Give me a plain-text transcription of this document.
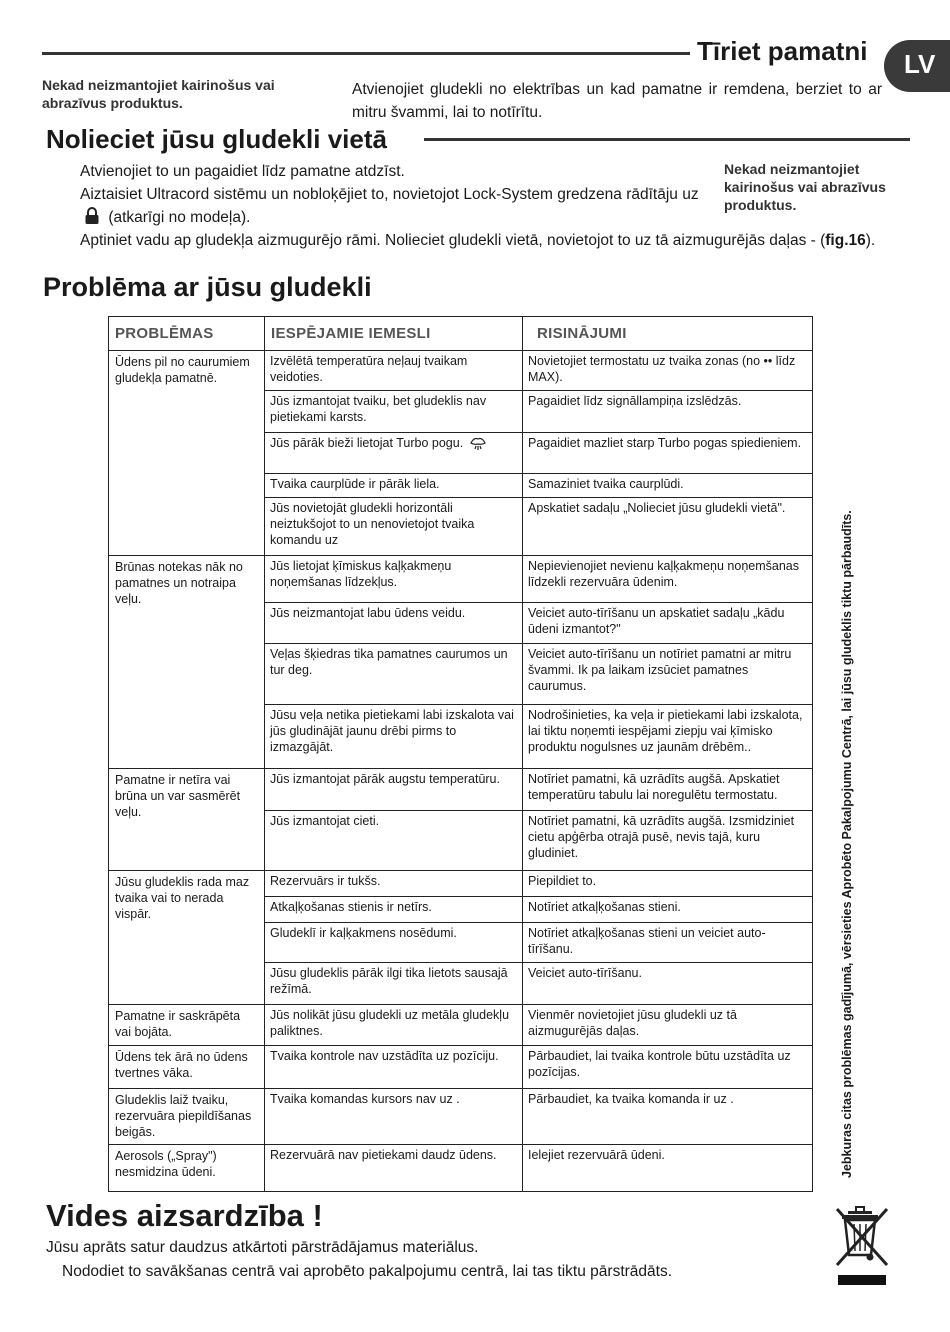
Tīriet pamatni LV
Nekad neizmantojiet kairinošus vai abrazīvus produktus.
Atvienojiet gludekli no elektrības un kad pamatne ir remdena, berziet to ar mitru švammi, lai to notīrītu.
Nolieciet jūsu gludekli vietā
Atvienojiet to un pagaidiet līdz pamatne atdzīst.
Aiztaisiet Ultracord sistēmu un nobloķējiet to, novietojot Lock-System gredzena rādītāju uz  (atkarīgi no modeļa).
Nekad neizmantojiet kairinošus vai abrazīvus produktus.
Aptiniet vadu ap gludekļa aizmugurējo rāmi. Nolieciet gludekli vietā, novietojot to uz tā aizmugurējās daļas - (fig.16).
Problēma ar jūsu gludekli
PROBLĒMAS	IESPĒJAMIE IEMESLI	RISINĀJUMI
Ūdens pil no caurumiem gludekļa pamatnē.	Izvēlētā temperatūra neļauj tvaikam veidoties.	Novietojiet termostatu uz tvaika zonas (no •• līdz MAX).
	Jūs izmantojat tvaiku, bet gludeklis nav pietiekami karsts.	Pagaidiet līdz signāllampiņa izslēdzās.
	Jūs pārāk bieži lietojat Turbo pogu.	Pagaidiet mazliet starp Turbo pogas spiedieniem.
	Tvaika caurplūde ir pārāk liela.	Samaziniet tvaika caurplūdi.
	Jūs novietojāt gludekli horizontāli neiztukšojot to un nenovietojot tvaika komandu uz	Apskatiet sadaļu „Nolieciet jūsu gludekli vietā".
Brūnas notekas nāk no pamatnes un notraipa veļu.	Jūs lietojat ķīmiskus kaļķakmeņu noņemšanas līdzekļus.	Nepievienojiet nevienu kaļķakmeņu noņemšanas līdzekli rezervuāra ūdenim.
	Jūs neizmantojat labu ūdens veidu.	Veiciet auto-tīrīšanu un apskatiet sadaļu „kādu ūdeni izmantot?"
	Veļas šķiedras tika pamatnes caurumos un tur deg.	Veiciet auto-tīrīšanu un notīriet pamatni ar mitru švammi. Ik pa laikam izsūciet pamatnes caurumus.
	Jūsu veļa netika pietiekami labi izskalota vai jūs gludinājāt jaunu drēbi pirms to izmazgājāt.	Nodrošinieties, ka veļa ir pietiekami labi izskalota, lai tiktu noņemti iespējami ziepju vai ķīmisko produktu nogulsnes uz jaunām drēbēm..
Pamatne ir netīra vai brūna un var sasmērēt veļu.	Jūs izmantojat pārāk augstu temperatūru.	Notīriet pamatni, kā uzrādīts augšā. Apskatiet temperatūru tabulu lai noregulētu termostatu.
	Jūs izmantojat cieti.	Notīriet pamatni, kā uzrādīts augšā. Izsmidziniet cietu apģērba otrajā pusē, nevis tajā, kuru gludiniet.
Jūsu gludeklis rada maz tvaika vai to nerada vispār.	Rezervuārs ir tukšs.	Piepildiet to.
	Atkaļķošanas stienis ir netīrs.	Notīriet atkaļķošanas stieni.
	Gludeklī ir kaļķakmens nosēdumi.	Notīriet atkaļķošanas stieni un veiciet auto-tīrīšanu.
	Jūsu gludeklis pārāk ilgi tika lietots sausajā režīmā.	Veiciet auto-tīrīšanu.
Pamatne ir saskrāpēta vai bojāta.	Jūs nolikāt jūsu gludekli uz metāla gludekļu paliktnes.	Vienmēr novietojiet jūsu gludekli uz tā aizmugurējās daļas.
Ūdens tek ārā no ūdens tvertnes vāka.	Tvaika kontrole nav uzstādīta uz pozīciju.	Pārbaudiet, lai tvaika kontrole būtu uzstādīta uz pozīcijas.
Gludeklis laiž tvaiku, rezervuāra piepildīšanas beigās.	Tvaika komandas kursors nav uz .	Pārbaudiet, ka tvaika komanda ir uz .
Aerosols („Spray") nesmidzina ūdeni.	Rezervuārā nav pietiekami daudz ūdens.	Ielejiet rezervuārā ūdeni.	Jebkuras citas problēmas gadījumā, vērsieties Aprobēto Pakalpojumu Centrā, lai jūsu gludeklis tiktu pārbaudīts.
Vides aizsardzība !
Jūsu aprāts satur daudzus atkārtoti pārstrādājamus materiālus.
Nododiet to savākšanas centrā vai aprobēto pakalpojumu centrā, lai tas tiktu pārstrādāts.
